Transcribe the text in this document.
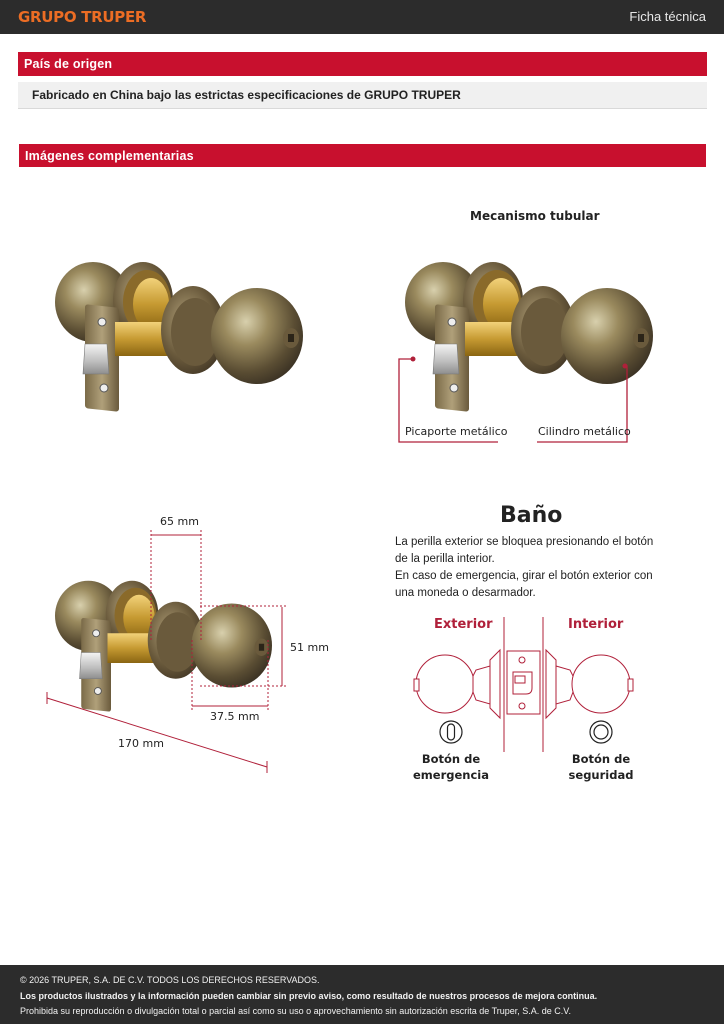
GRUPO TRUPER	Ficha técnica
País de origen
Fabricado en China bajo las estrictas especificaciones de GRUPO TRUPER
Imágenes complementarias
Mecanismo tubular
Picaporte metálico	Cilindro metálico
65 mm
51 mm
37.5 mm
170 mm
Baño
La perilla exterior se bloquea presionando el botón
de la perilla interior.
En caso de emergencia, girar el botón exterior con
una moneda o desarmador.
Exterior	Interior
Botón de
emergencia
Botón de
seguridad
© 2026 TRUPER, S.A. DE C.V. TODOS LOS DERECHOS RESERVADOS.
Los productos ilustrados y la información pueden cambiar sin previo aviso, como resultado de nuestros procesos de mejora continua.
Prohibida su reproducción o divulgación total o parcial así como su uso o aprovechamiento sin autorización escrita de Truper, S.A. de C.V.
